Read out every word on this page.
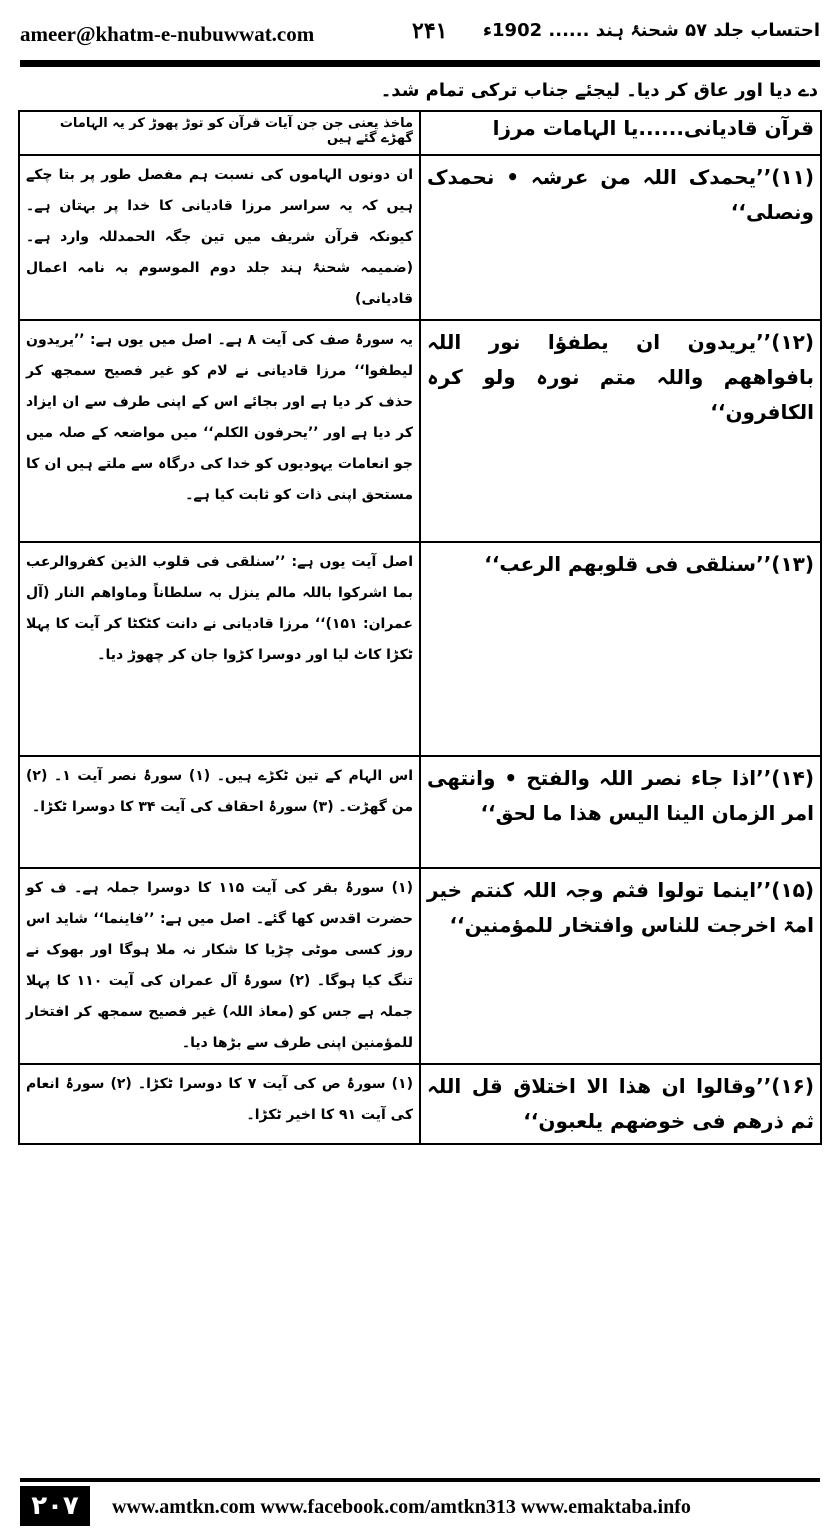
ameer@khatm-e-nubuwwat.com	۲۴۱ احتساب جلد ۵۷ شحنۂ ہند ...... 1902ء
دے دیا اور عاق کر دیا۔ لیجئے جناب ترکی تمام شد۔
قرآن قادیانی......یا الہامات مرزا	ماخذ یعنی جن جن آیات قرآن کو توڑ پھوڑ کر یہ الہامات گھڑے گئے ہیں
(۱۱)’’یحمدک اللہ من عرشہ • نحمدک ونصلی‘‘	ان دونوں الہاموں کی نسبت ہم مفصل طور پر بتا چکے ہیں کہ یہ سراسر مرزا قادیانی کا خدا پر بہتان ہے۔ کیونکہ قرآن شریف میں تین جگہ الحمدللہ وارد ہے۔ (ضمیمہ شحنۂ ہند جلد دوم الموسوم بہ نامہ اعمال قادیانی)
(۱۲)’’یریدون ان یطفؤا نور اللہ بافواھھم واللہ متم نورہ ولو کرہ الکافرون‘‘	یہ سورۂ صف کی آیت ۸ ہے۔ اصل میں یوں ہے: ’’یریدون لیطفوا‘‘ مرزا قادیانی نے لام کو غیر فصیح سمجھ کر حذف کر دیا ہے اور بجائے اس کے اپنی طرف سے ان ایزاد کر دیا ہے اور ’’یحرفون الکلم‘‘ میں مواضعہ کے صلہ میں جو انعامات یہودیوں کو خدا کی درگاہ سے ملتے ہیں ان کا مستحق اپنی ذات کو ثابت کیا ہے۔
(۱۳)’’سنلقی فی قلوبھم الرعب‘‘	اصل آیت یوں ہے: ’’سنلقی فی قلوب الذین کفروالرعب بما اشرکوا باللہ مالم ینزل بہ سلطاناً وماواھم النار (آل عمران: ۱۵۱)‘‘ مرزا قادیانی نے دانت کٹکٹا کر آیت کا پہلا ٹکڑا کاٹ لیا اور دوسرا کڑوا جان کر چھوڑ دیا۔
(۱۴)’’اذا جاء نصر اللہ والفتح • وانتھی امر الزمان الینا الیس ھذا ما لحق‘‘	اس الہام کے تین ٹکڑے ہیں۔ (۱) سورۂ نصر آیت ۱۔ (۲) من گھڑت۔ (۳) سورۂ احقاف کی آیت ۳۴ کا دوسرا ٹکڑا۔
(۱۵)’’اینما تولوا فثم وجہ اللہ کنتم خیر امۃ اخرجت للناس وافتخار للمؤمنین‘‘	(۱) سورۂ بقر کی آیت ۱۱۵ کا دوسرا جملہ ہے۔ ف کو حضرت اقدس کھا گئے۔ اصل میں ہے: ’’فاینما‘‘ شاید اس روز کسی موٹی چڑیا کا شکار نہ ملا ہوگا اور بھوک نے تنگ کیا ہوگا۔ (۲) سورۂ آل عمران کی آیت ۱۱۰ کا پہلا جملہ ہے جس کو (معاذ اللہ) غیر فصیح سمجھ کر افتخار للمؤمنین اپنی طرف سے بڑھا دیا۔
(۱۶)’’وقالوا ان ھذا الا اختلاق قل اللہ ثم ذرھم فی خوضھم یلعبون‘‘	(۱) سورۂ ص کی آیت ۷ کا دوسرا ٹکڑا۔ (۲) سورۂ انعام کی آیت ۹۱ کا اخیر ٹکڑا۔
۲۰۷	www.amtkn.com www.facebook.com/amtkn313 www.emaktaba.info
